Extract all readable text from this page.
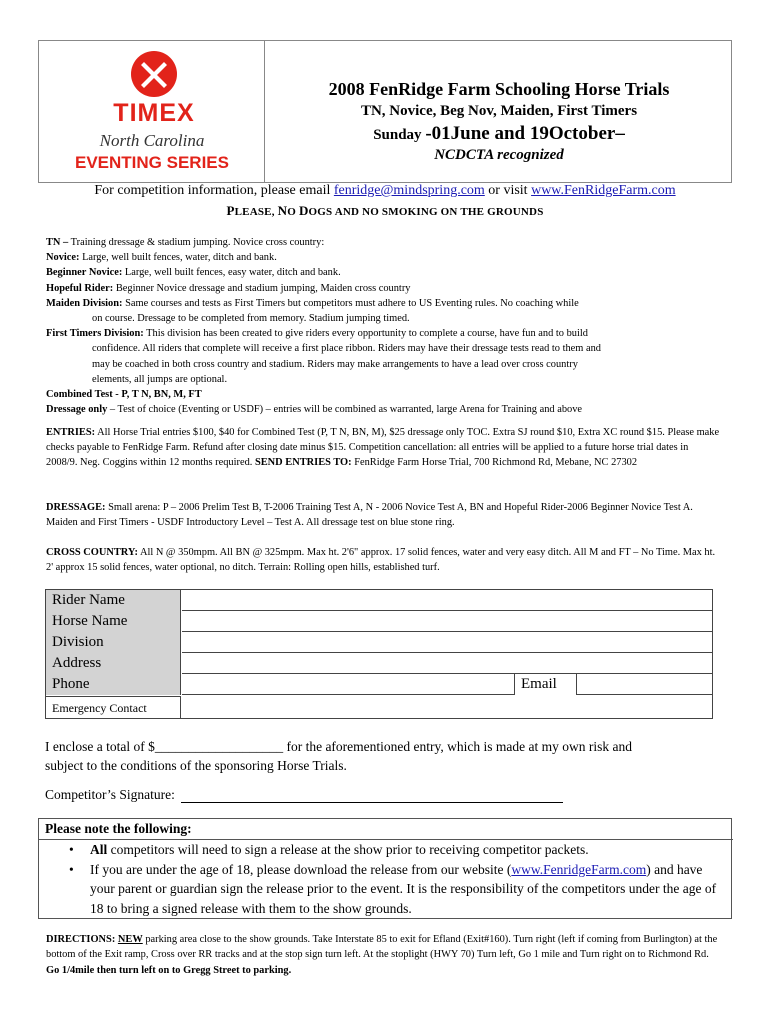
TIMEX
North Carolina
EVENTING SERIES
2008 FenRidge Farm Schooling Horse Trials
TN, Novice, Beg Nov, Maiden, First Timers
Sunday -01June and 19October–
NCDCTA recognized
For competition information, please email fenridge@mindspring.com or visit www.FenRidgeFarm.com
PLEASE, NO DOGS AND NO SMOKING ON THE GROUNDS
TN – Training dressage & stadium jumping. Novice cross country:
Novice: Large, well built fences, water, ditch and bank.
Beginner Novice: Large, well built fences, easy water, ditch and bank.
Hopeful Rider: Beginner Novice dressage and stadium jumping, Maiden cross country
Maiden Division: Same courses and tests as First Timers but competitors must adhere to US Eventing rules. No coaching while
on course. Dressage to be completed from memory. Stadium jumping timed.
First Timers Division: This division has been created to give riders every opportunity to complete a course, have fun and to build
confidence. All riders that complete will receive a first place ribbon. Riders may have their dressage tests read to them and
may be coached in both cross country and stadium. Riders may make arrangements to have a lead over cross country
elements, all jumps are optional.
Combined Test - P, T N, BN, M, FT
Dressage only – Test of choice (Eventing or USDF) – entries will be combined as warranted, large Arena for Training and above
ENTRIES: All Horse Trial entries $100, $40 for Combined Test (P, T N, BN, M), $25 dressage only TOC. Extra SJ round $10, Extra XC round $15. Please make checks payable to FenRidge Farm. Refund after closing date minus $15. Competition cancellation: all entries will be applied to a future horse trial dates in 2008/9. Neg. Coggins within 12 months required. SEND ENTRIES TO: FenRidge Farm Horse Trial, 700 Richmond Rd, Mebane, NC 27302
DRESSAGE: Small arena: P – 2006 Prelim Test B, T-2006 Training Test A, N - 2006 Novice Test A, BN and Hopeful Rider-2006 Beginner Novice Test A. Maiden and First Timers - USDF Introductory Level – Test A. All dressage test on blue stone ring.
CROSS COUNTRY: All N @ 350mpm. All BN @ 325mpm. Max ht. 2'6" approx. 17 solid fences, water and very easy ditch. All M and FT – No Time. Max ht. 2' approx 15 solid fences, water optional, no ditch. Terrain: Rolling open hills, established turf.
Rider Name
Horse Name
Division
Address
Phone	Email
Emergency Contact
I enclose a total of $___________________ for the aforementioned entry, which is made at my own risk and
subject to the conditions of the sponsoring Horse Trials.
Competitor’s Signature:
Please note the following:
• All competitors will need to sign a release at the show prior to receiving competitor packets.
• If you are under the age of 18, please download the release from our website (www.FenridgeFarm.com) and have your parent or guardian sign the release prior to the event. It is the responsibility of the competitors under the age of 18 to bring a signed release with them to the show grounds.
DIRECTIONS: NEW parking area close to the show grounds. Take Interstate 85 to exit for Efland (Exit#160). Turn right (left if coming from Burlington) at the bottom of the Exit ramp, Cross over RR tracks and at the stop sign turn left. At the stoplight (HWY 70) Turn left, Go 1 mile and Turn right on to Richmond Rd. Go 1/4mile then turn left on to Gregg Street to parking.
